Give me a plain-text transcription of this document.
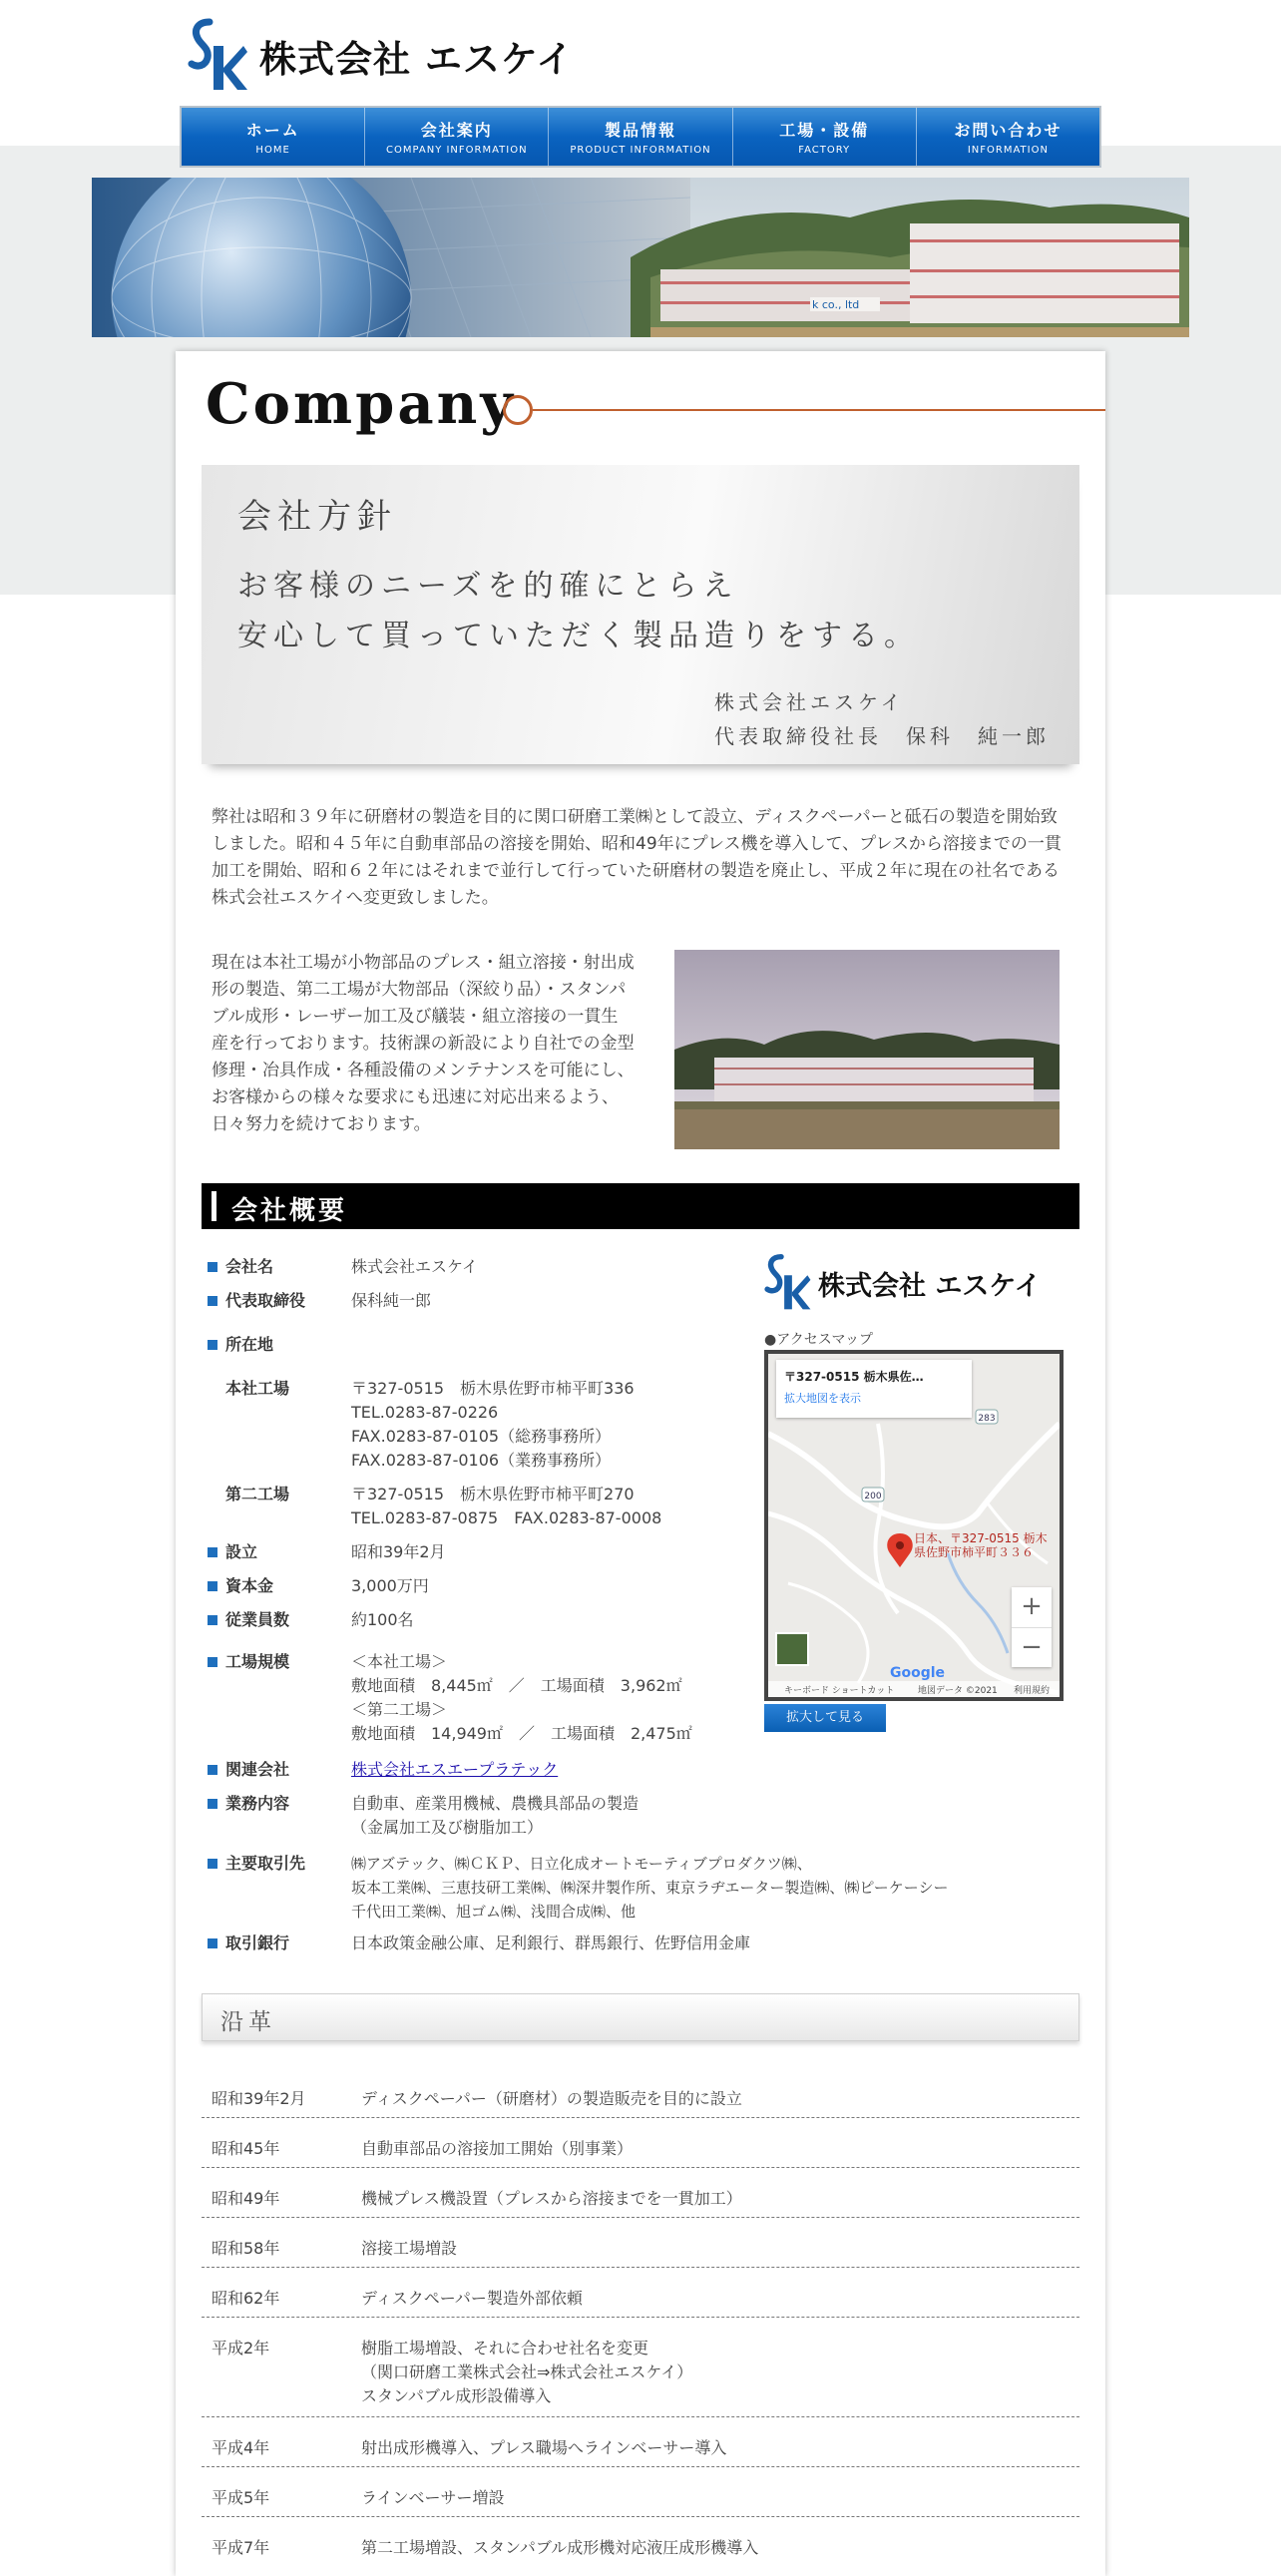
株式会社 エスケイ
ホーム
HOME
会社案内
COMPANY INFORMATION
製品情報
PRODUCT INFORMATION
工場・設備
FACTORY
お問い合わせ
INFORMATION
k co., ltd
Company
会社方針
お客様のニーズを的確にとらえ
安心して買っていただく製品造りをする。
株式会社エスケイ
代表取締役社長　保科　純一郎
弊社は昭和３９年に研磨材の製造を目的に関口研磨工業㈱として設立、ディスクペーパーと砥石の製造を開始致しました。昭和４５年に自動車部品の溶接を開始、昭和49年にプレス機を導入して、プレスから溶接までの一貫加工を開始、昭和６２年にはそれまで並行して行っていた研磨材の製造を廃止し、平成２年に現在の社名である株式会社エスケイへ変更致しました。
現在は本社工場が小物部品のプレス・組立溶接・射出成形の製造、第二工場が大物部品（深絞り品）・スタンパブル成形・レーザー加工及び艤装・組立溶接の一貫生産を行っております。技術課の新設により自社での金型修理・冶具作成・各種設備のメンテナンスを可能にし、お客様からの様々な要求にも迅速に対応出来るよう、日々努力を続けております。
会社概要
会社名	株式会社エスケイ
代表取締役	保科純一郎
所在地
本社工場	〒327-0515　栃木県佐野市柿平町336
TEL.0283-87-0226
FAX.0283-87-0105（総務事務所）
FAX.0283-87-0106（業務事務所）
第二工場	〒327-0515　栃木県佐野市柿平町270
TEL.0283-87-0875　FAX.0283-87-0008
設立	昭和39年2月
資本金	3,000万円
従業員数	約100名
工場規模	＜本社工場＞
敷地面積　8,445㎡　／　工場面積　3,962㎡
＜第二工場＞
敷地面積　14,949㎡　／　工場面積　2,475㎡
関連会社	株式会社エスエープラテック
業務内容	自動車、産業用機械、農機具部品の製造
（金属加工及び樹脂加工）
主要取引先	㈱アズテック、㈱ＣＫＰ、日立化成オートモーティブプロダクツ㈱、
坂本工業㈱、三恵技研工業㈱、㈱深井製作所、東京ラヂエーター製造㈱、㈱ピーケーシー
千代田工業㈱、旭ゴム㈱、浅間合成㈱、他
取引銀行	日本政策金融公庫、足利銀行、群馬銀行、佐野信用金庫
株式会社 エスケイ
●アクセスマップ
200
283
〒327-0515 栃木県佐…
拡大地図を表示
日本、〒327-0515 栃木県佐野市柿平町３３６
+
−
Google
キーボード ショートカット	地図データ ©2021 利用規約
拡大して見る
沿革
昭和39年2月	ディスクペーパー（研磨材）の製造販売を目的に設立
昭和45年	自動車部品の溶接加工開始（別事業）
昭和49年	機械プレス機設置（プレスから溶接までを一貫加工）
昭和58年	溶接工場増設
昭和62年	ディスクペーパー製造外部依頼
平成2年	樹脂工場増設、それに合わせ社名を変更
（関口研磨工業株式会社⇒株式会社エスケイ）
スタンパブル成形設備導入
平成4年	射出成形機導入、プレス職場へラインベーサー導入
平成5年	ラインベーサー増設
平成7年	第二工場増設、スタンパブル成形機対応液圧成形機導入
